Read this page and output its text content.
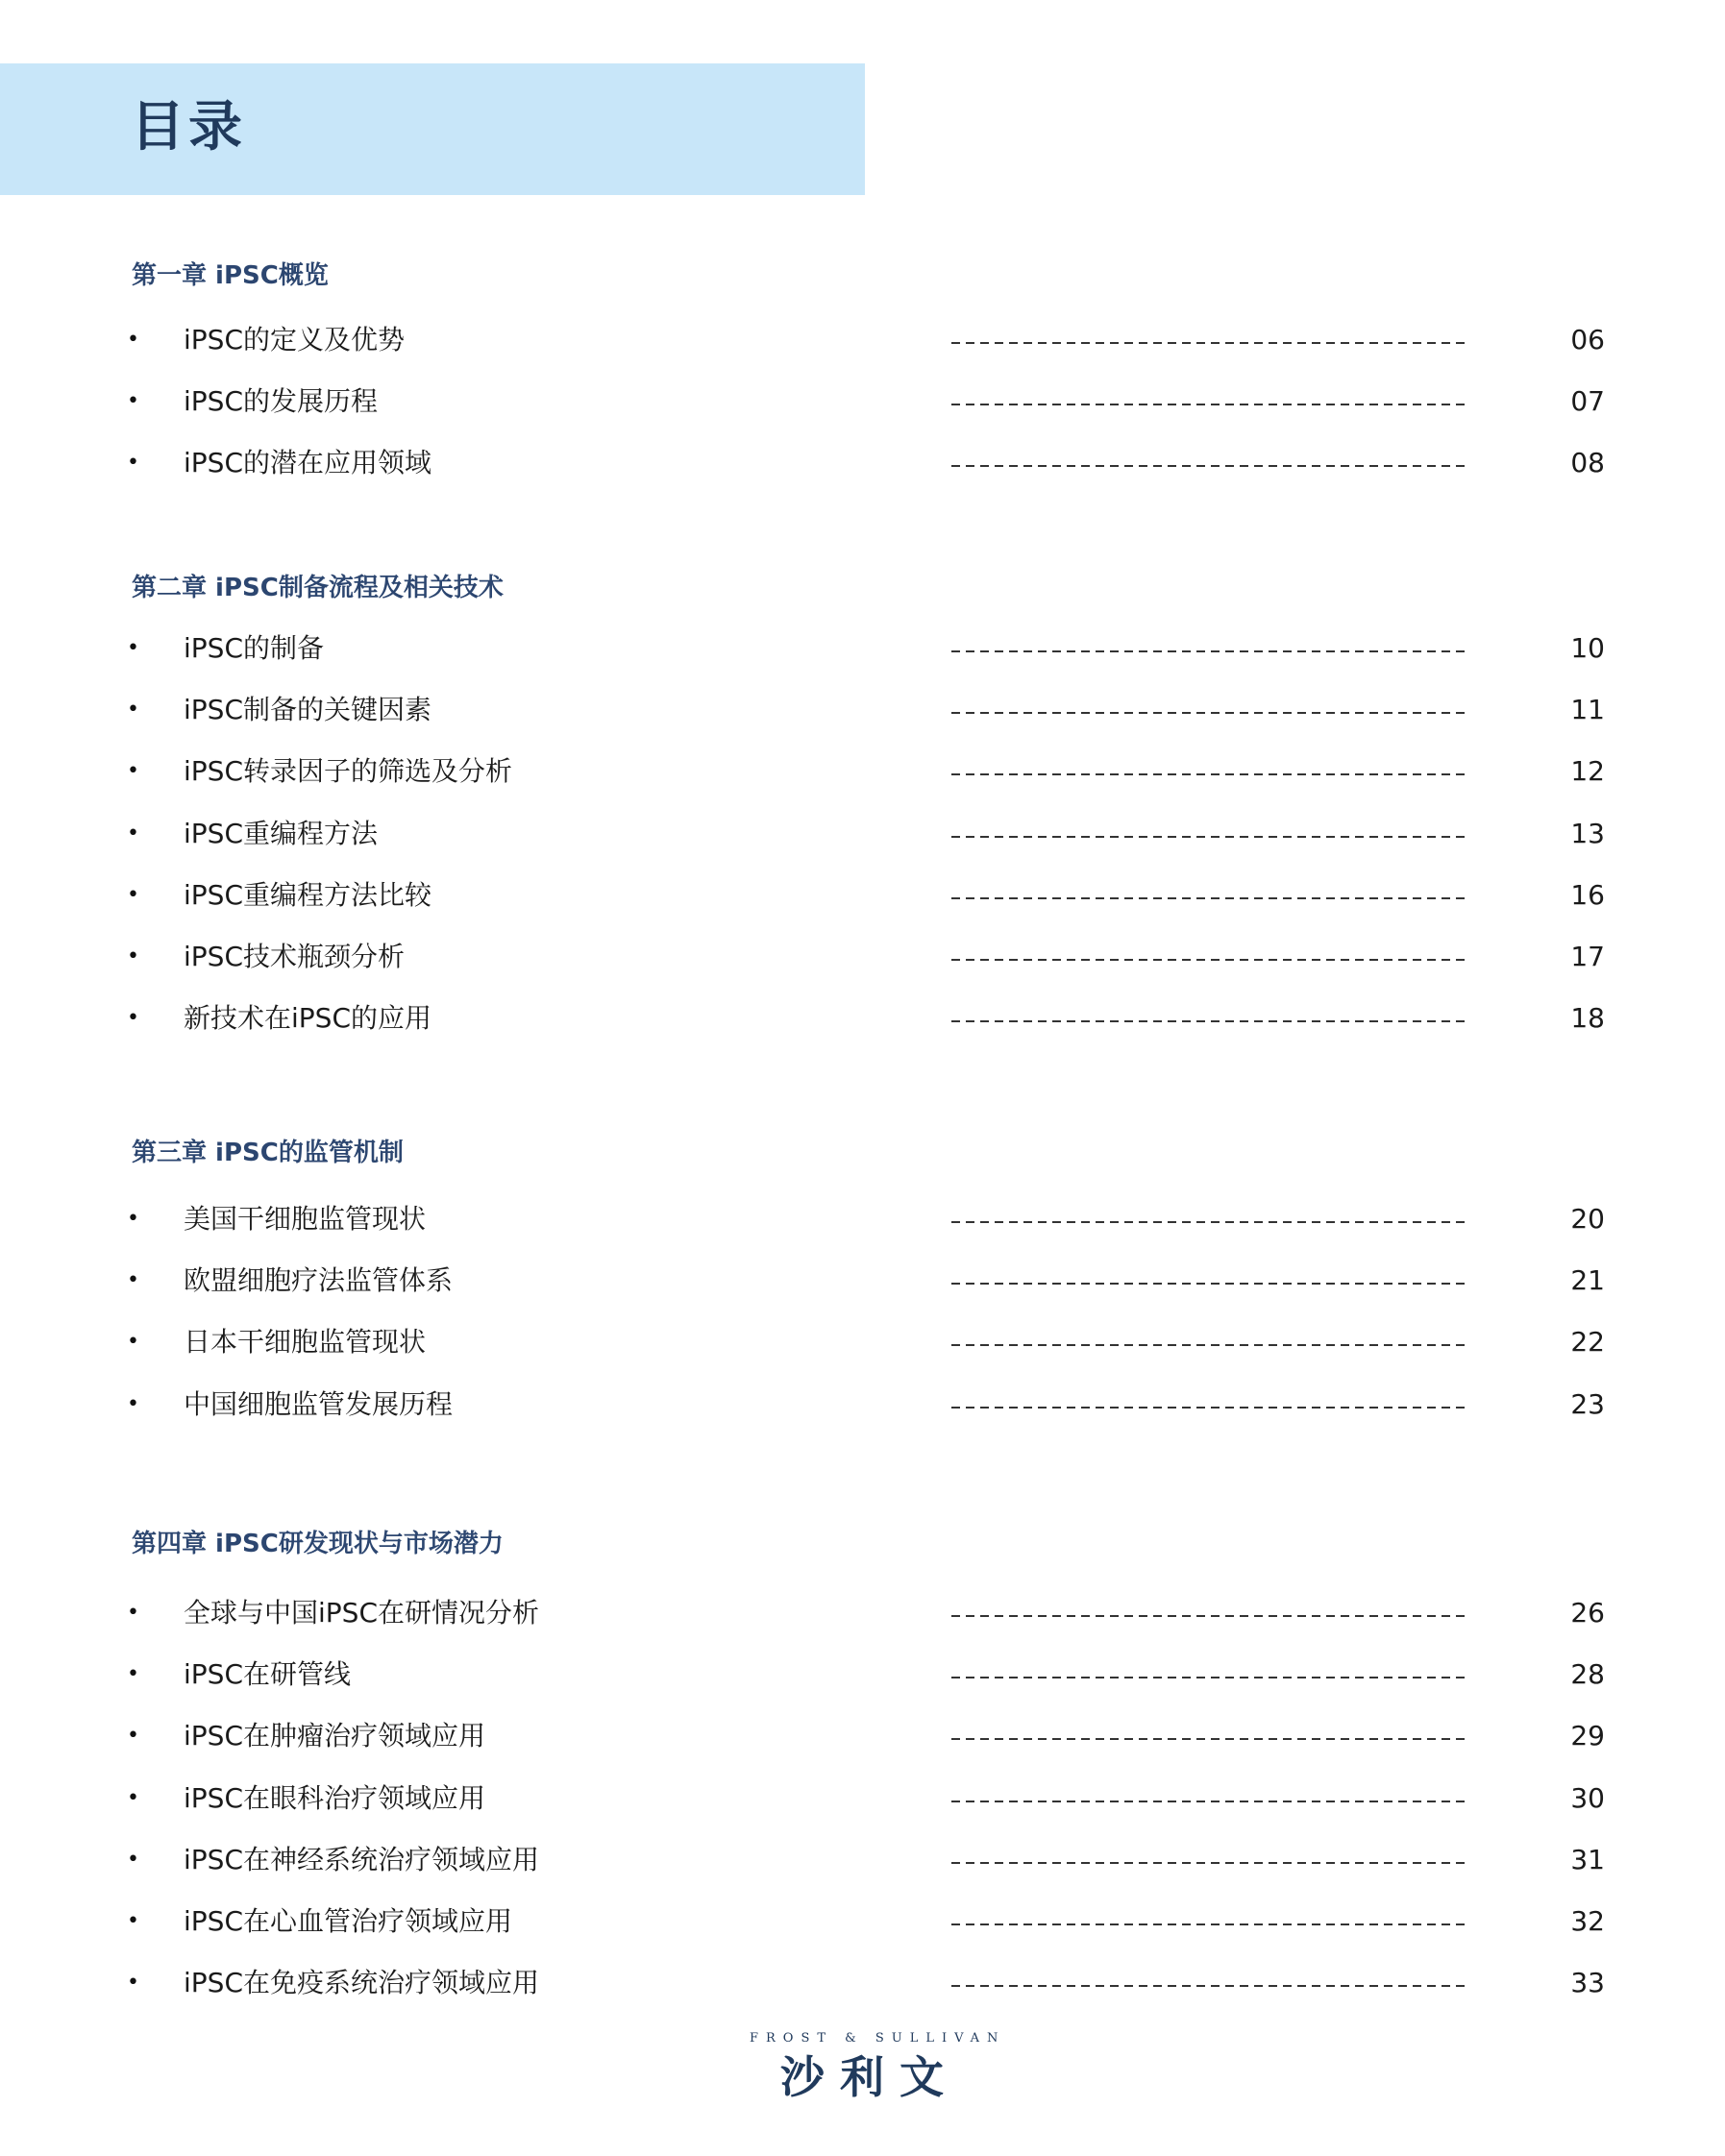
目录
第一章 iPSC概览
• iPSC的定义及优势	06
• iPSC的发展历程	07
• iPSC的潜在应用领域	08
第二章 iPSC制备流程及相关技术
• iPSC的制备	10
• iPSC制备的关键因素	11
• iPSC转录因子的筛选及分析	12
• iPSC重编程方法	13
• iPSC重编程方法比较	16
• iPSC技术瓶颈分析	17
• 新技术在iPSC的应用	18
第三章 iPSC的监管机制
• 美国干细胞监管现状	20
• 欧盟细胞疗法监管体系	21
• 日本干细胞监管现状	22
• 中国细胞监管发展历程	23
第四章 iPSC研发现状与市场潜力
• 全球与中国iPSC在研情况分析	26
• iPSC在研管线	28
• iPSC在肿瘤治疗领域应用	29
• iPSC在眼科治疗领域应用	30
• iPSC在神经系统治疗领域应用	31
• iPSC在心血管治疗领域应用	32
• iPSC在免疫系统治疗领域应用	33
FROST & SULLIVAN
沙利文
